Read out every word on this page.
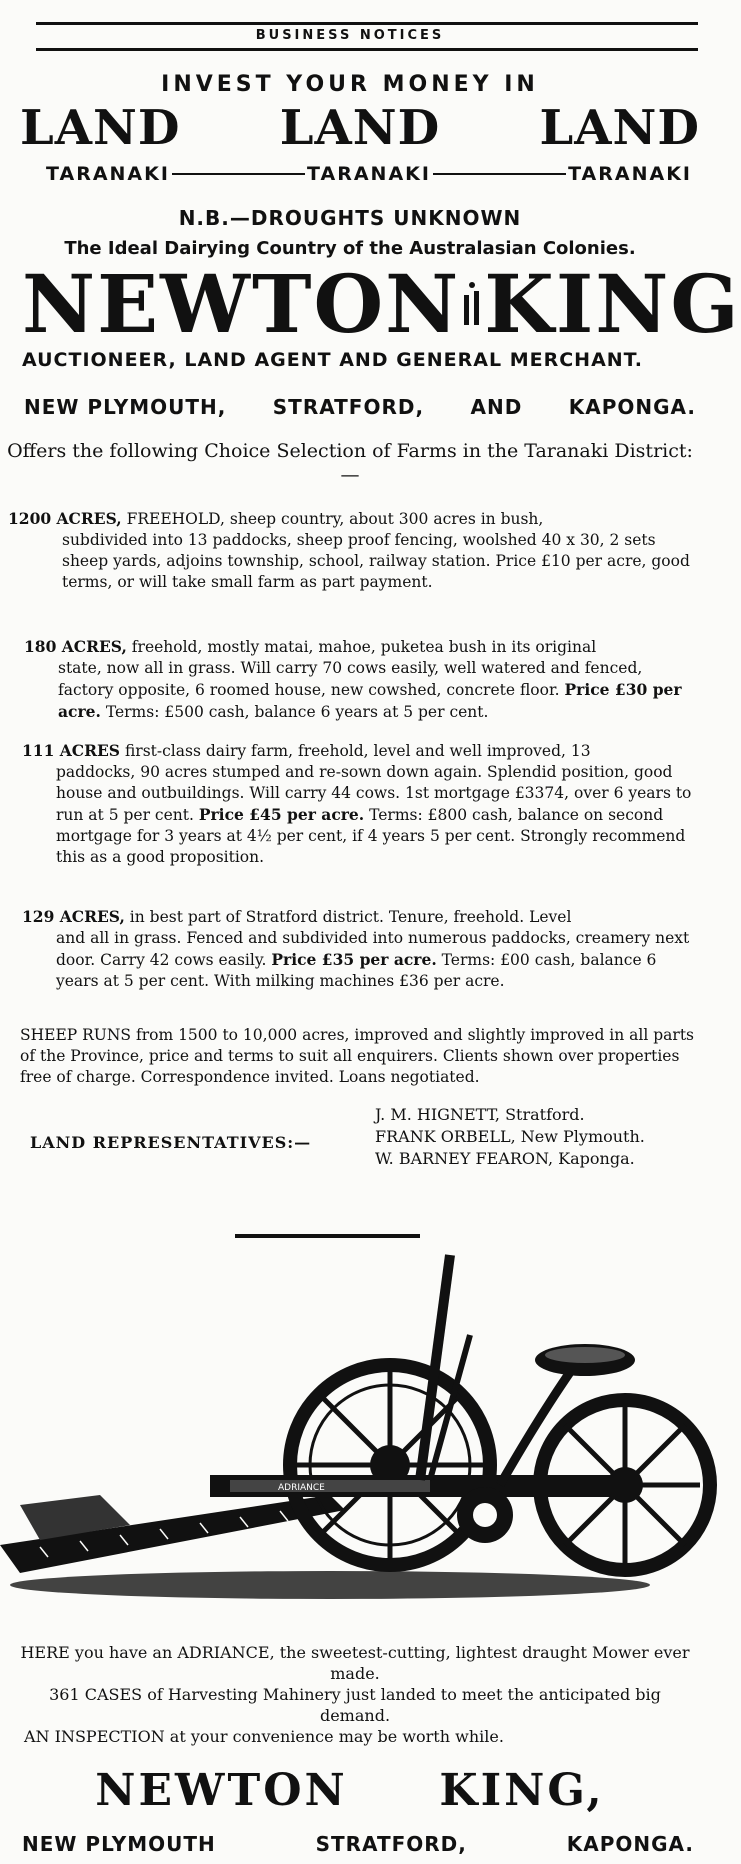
BUSINESS NOTICES
INVEST YOUR MONEY IN
LAND LAND LAND
TARANAKI	TARANAKI	TARANAKI
N.B.—DROUGHTS UNKNOWN
The Ideal Dairying Country of the Australasian Colonies.
NEWTON KING
AUCTIONEER, LAND AGENT AND GENERAL MERCHANT.
NEW PLYMOUTH, STRATFORD, AND KAPONGA.
Offers the following Choice Selection of Farms in the Taranaki District:—

1200 ACRES, FREEHOLD, sheep country, about 300 acres in bush,

subdivided into 13 paddocks, sheep proof fencing, woolshed 40 x 30, 2 sets sheep yards, adjoins township, school, railway station. Price £10 per acre, good terms, or will take small farm as part payment.

180 ACRES, freehold, mostly matai, mahoe, puketea bush in its original

state, now all in grass. Will carry 70 cows easily, well watered and fenced, factory opposite, 6 roomed house, new cowshed, concrete floor. Price £30 per acre. Terms: £500 cash, balance 6 years at 5 per cent.

111 ACRES first-class dairy farm, freehold, level and well improved, 13

paddocks, 90 acres stumped and re-sown down again. Splendid position, good house and outbuildings. Will carry 44 cows. 1st mortgage £3374, over 6 years to run at 5 per cent. Price £45 per acre. Terms: £800 cash, balance on second mortgage for 3 years at 4½ per cent, if 4 years 5 per cent. Strongly recommend this as a good proposition.

129 ACRES, in best part of Stratford district. Tenure, freehold. Level

and all in grass. Fenced and subdivided into numerous paddocks, creamery next door. Carry 42 cows easily. Price £35 per acre. Terms: £00 cash, balance 6 years at 5 per cent. With milking machines £36 per acre.

SHEEP RUNS from 1500 to 10,000 acres, improved and slightly improved in all parts of the Province, price and terms to suit all enquirers. Clients shown over properties free of charge. Correspondence invited. Loans negotiated.
LAND REPRESENTATIVES:—
J. M. HIGNETT, Stratford.
FRANK ORBELL, New Plymouth.
W. BARNEY FEARON, Kaponga.
ADRIANCE

HERE you have an ADRIANCE, the sweetest-cutting, lightest draught Mower ever made.

361 CASES of Harvesting Mahinery just landed to meet the anticipated big demand.

AN INSPECTION at your convenience may be worth while.

NEWTON KING,
NEW PLYMOUTH	STRATFORD,	KAPONGA.
